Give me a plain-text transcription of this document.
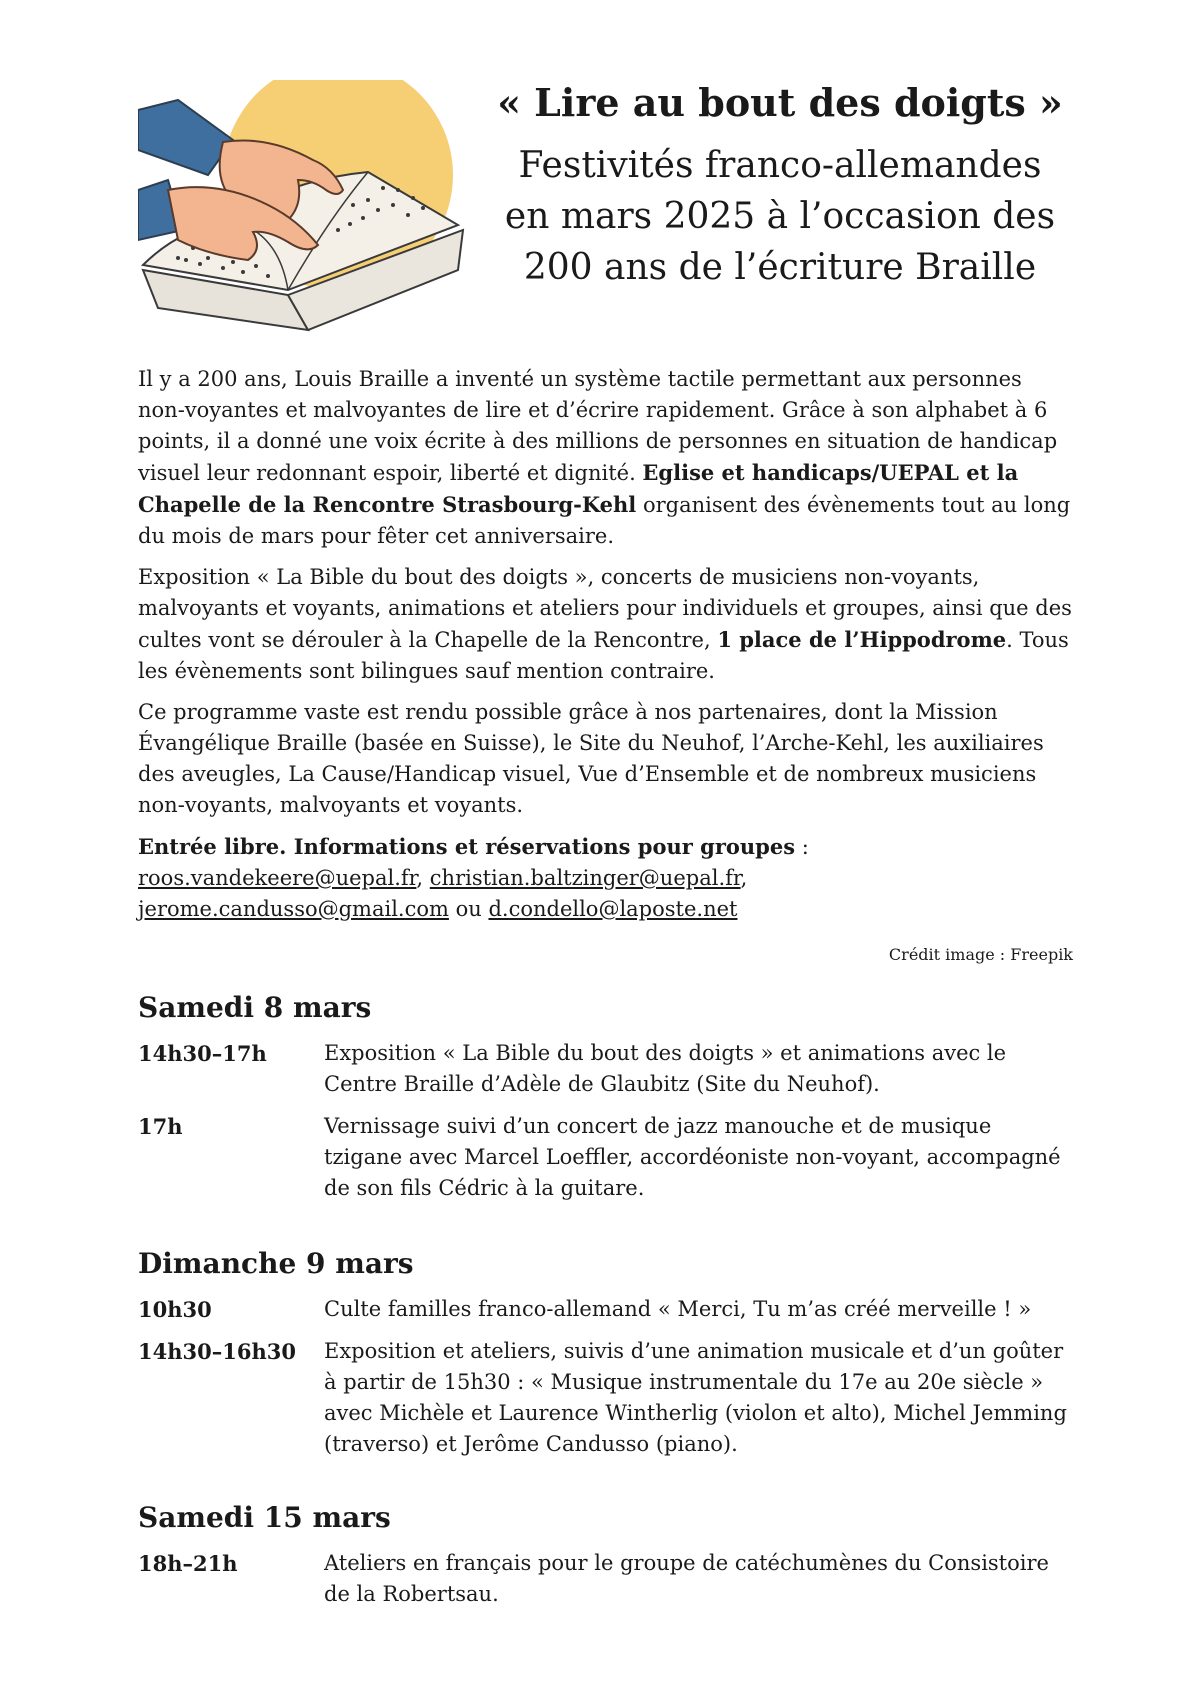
« Lire au bout des doigts »

Festivités franco-allemandes
en mars 2025 à l’occasion des
200 ans de l’écriture Braille

Il y a 200 ans, Louis Braille a inventé un système tactile permettant aux personnes non-voyantes et malvoyantes de lire et d’écrire rapidement. Grâce à son alphabet à 6 points, il a donné une voix écrite à des millions de personnes en situation de handicap visuel leur redonnant espoir, liberté et dignité. Eglise et handicaps/UEPAL et la Chapelle de la Rencontre Strasbourg-Kehl organisent des évènements tout au long du mois de mars pour fêter cet anniversaire.

Exposition « La Bible du bout des doigts », concerts de musiciens non-voyants, malvoyants et voyants, animations et ateliers pour individuels et groupes, ainsi que des cultes vont se dérouler à la Chapelle de la Rencontre, 1 place de l’Hippodrome. Tous les évènements sont bilingues sauf mention contraire.

Ce programme vaste est rendu possible grâce à nos partenaires, dont la Mission Évangélique Braille (basée en Suisse), le Site du Neuhof, l’Arche-Kehl, les auxiliaires des aveugles, La Cause/Handicap visuel, Vue d’Ensemble et de nombreux musiciens non-voyants, malvoyants et voyants.

Entrée libre. Informations et réservations pour groupes :

roos.vandekeere@uepal.fr, christian.baltzinger@uepal.fr,

jerome.candusso@gmail.com ou d.condello@laposte.net

Crédit image : Freepik
Samedi 8 mars
14h30–17h	Exposition « La Bible du bout des doigts » et animations avec le Centre Braille d’Adèle de Glaubitz (Site du Neuhof).
17h	Vernissage suivi d’un concert de jazz manouche et de musique tzigane avec Marcel Loeffler, accordéoniste non-voyant, accompagné de son fils Cédric à la guitare.
Dimanche 9 mars
10h30	Culte familles franco-allemand « Merci, Tu m’as créé merveille ! »
14h30–16h30	Exposition et ateliers, suivis d’une animation musicale et d’un goûter à partir de 15h30 : « Musique instrumentale du 17e au 20e siècle » avec Michèle et Laurence Wintherlig (violon et alto), Michel Jemming (traverso) et Jerôme Candusso (piano).
Samedi 15 mars
18h–21h	Ateliers en français pour le groupe de catéchumènes du Consistoire de la Robertsau.
